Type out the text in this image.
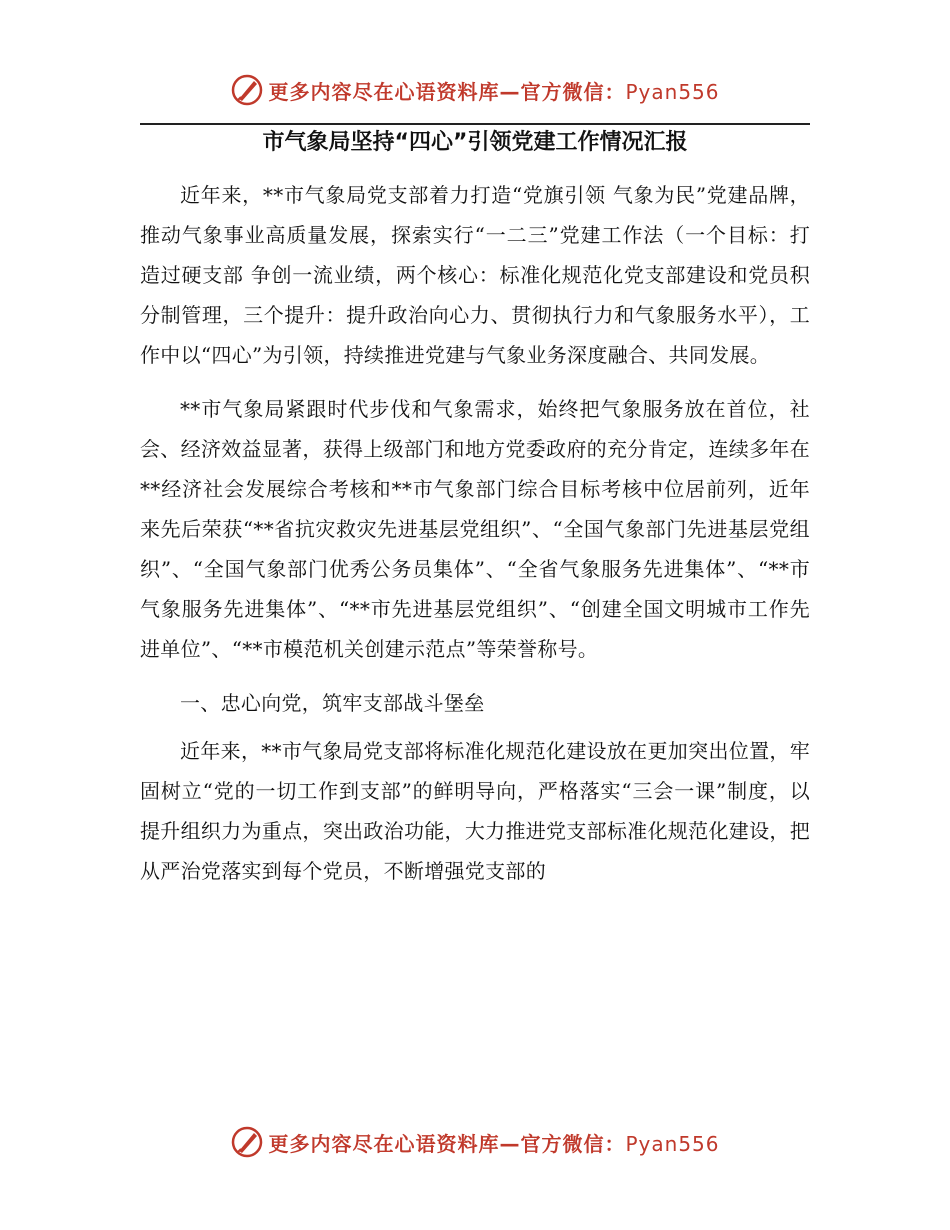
更多内容尽在心语资料库—官方微信：Pyan556
市气象局坚持“四心”引领党建工作情况汇报

近年来，**市气象局党支部着力打造“党旗引领 气象为民”党建品牌，推动气象事业高质量发展，探索实行“一二三”党建工作法（一个目标：打造过硬支部 争创一流业绩，两个核心：标准化规范化党支部建设和党员积分制管理，三个提升：提升政治向心力、贯彻执行力和气象服务水平），工作中以“四心”为引领，持续推进党建与气象业务深度融合、共同发展。

**市气象局紧跟时代步伐和气象需求，始终把气象服务放在首位，社会、经济效益显著，获得上级部门和地方党委政府的充分肯定，连续多年在**经济社会发展综合考核和**市气象部门综合目标考核中位居前列，近年来先后荣获“**省抗灾救灾先进基层党组织”、“全国气象部门先进基层党组织”、“全国气象部门优秀公务员集体”、“全省气象服务先进集体”、“**市气象服务先进集体”、“**市先进基层党组织”、“创建全国文明城市工作先进单位”、“**市模范机关创建示范点”等荣誉称号。

一、忠心向党，筑牢支部战斗堡垒

近年来，**市气象局党支部将标准化规范化建设放在更加突出位置，牢固树立“党的一切工作到支部”的鲜明导向，严格落实“三会一课”制度，以提升组织力为重点，突出政治功能，大力推进党支部标准化规范化建设，把从严治党落实到每个党员，不断增强党支部的

更多内容尽在心语资料库—官方微信：Pyan556
